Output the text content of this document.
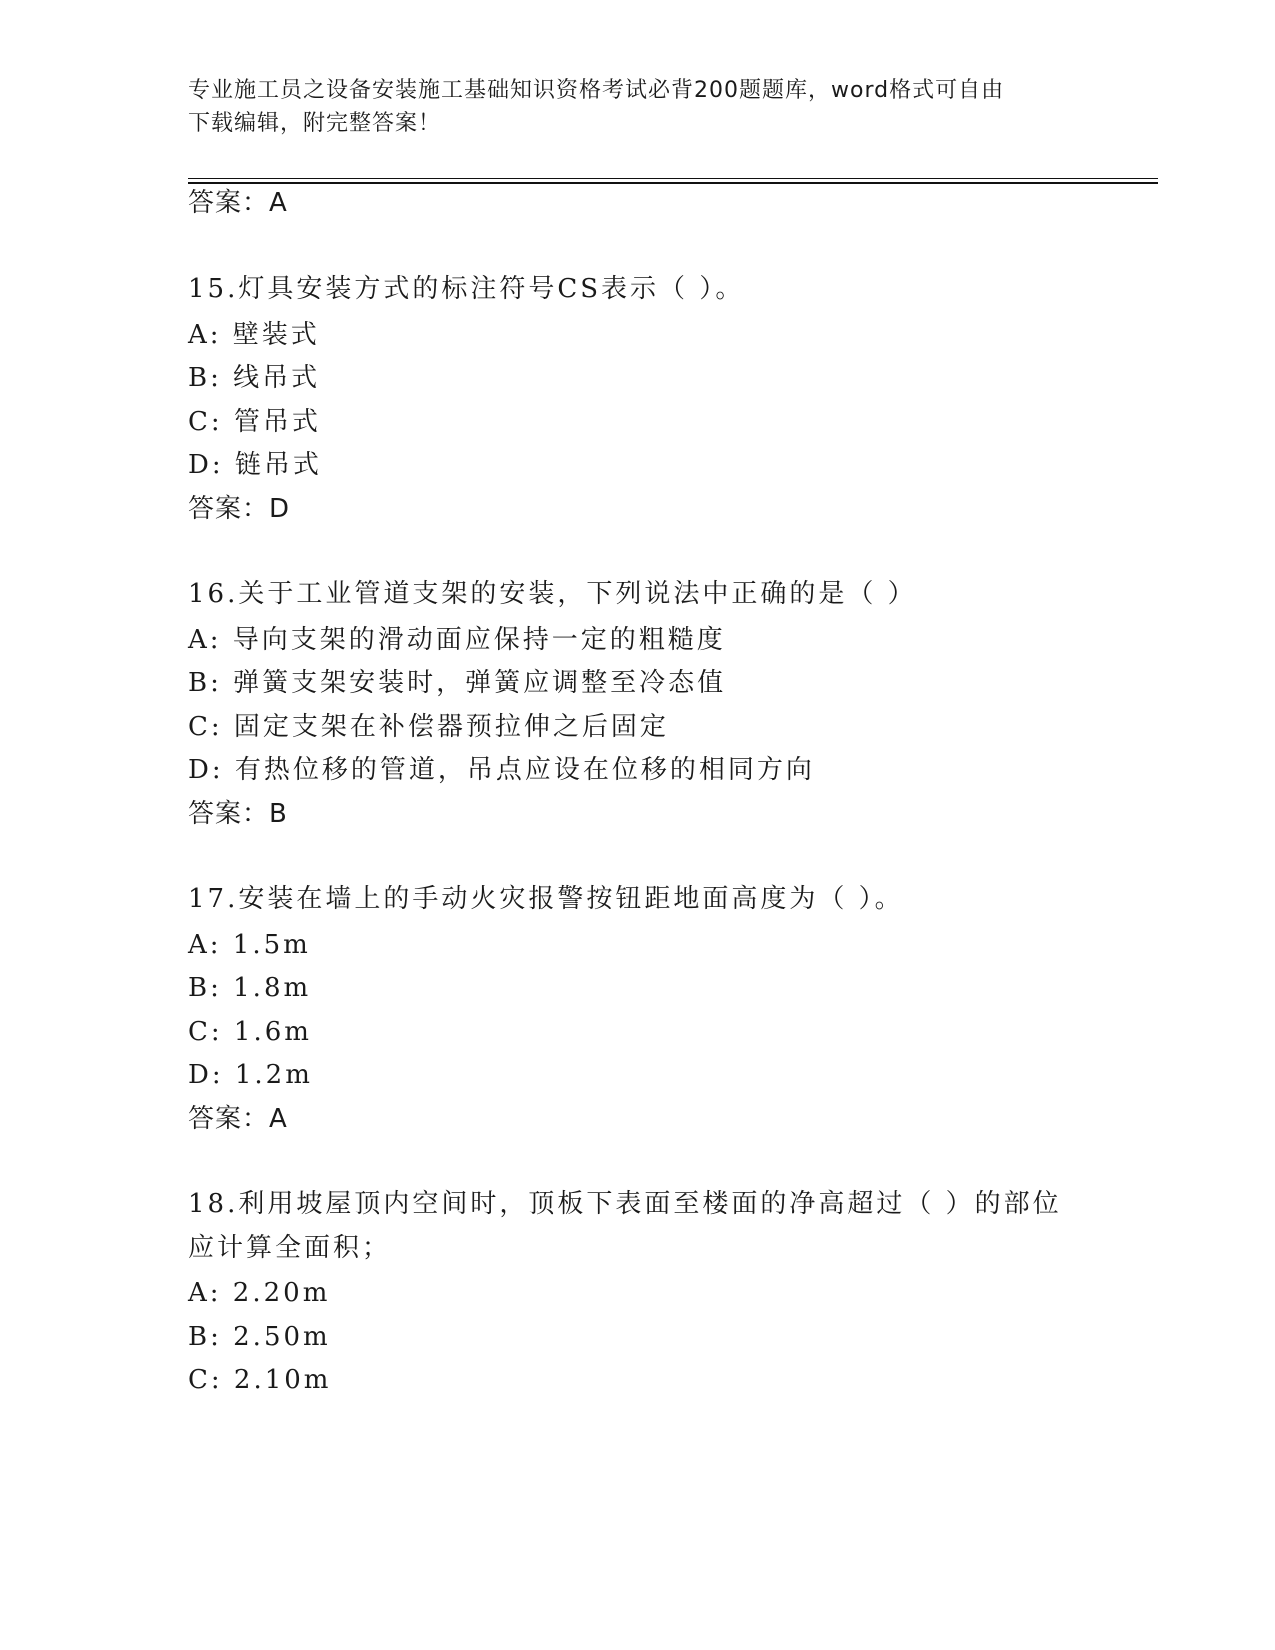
专业施工员之设备安装施工基础知识资格考试必背200题题库，word格式可自由
下载编辑，附完整答案！
答案：A
15.灯具安装方式的标注符号CS表示（ ）。
A: 壁装式
B: 线吊式
C: 管吊式
D: 链吊式
答案：D
16.关于工业管道支架的安装，下列说法中正确的是（ ）
A: 导向支架的滑动面应保持一定的粗糙度
B: 弹簧支架安装时，弹簧应调整至冷态值
C: 固定支架在补偿器预拉伸之后固定
D: 有热位移的管道，吊点应设在位移的相同方向
答案：B
17.安装在墙上的手动火灾报警按钮距地面高度为（ ）。
A: 1.5m
B: 1.8m
C: 1.6m
D: 1.2m
答案：A
18.利用坡屋顶内空间时，顶板下表面至楼面的净高超过（ ）的部位
应计算全面积；
A: 2.20m
B: 2.50m
C: 2.10m
